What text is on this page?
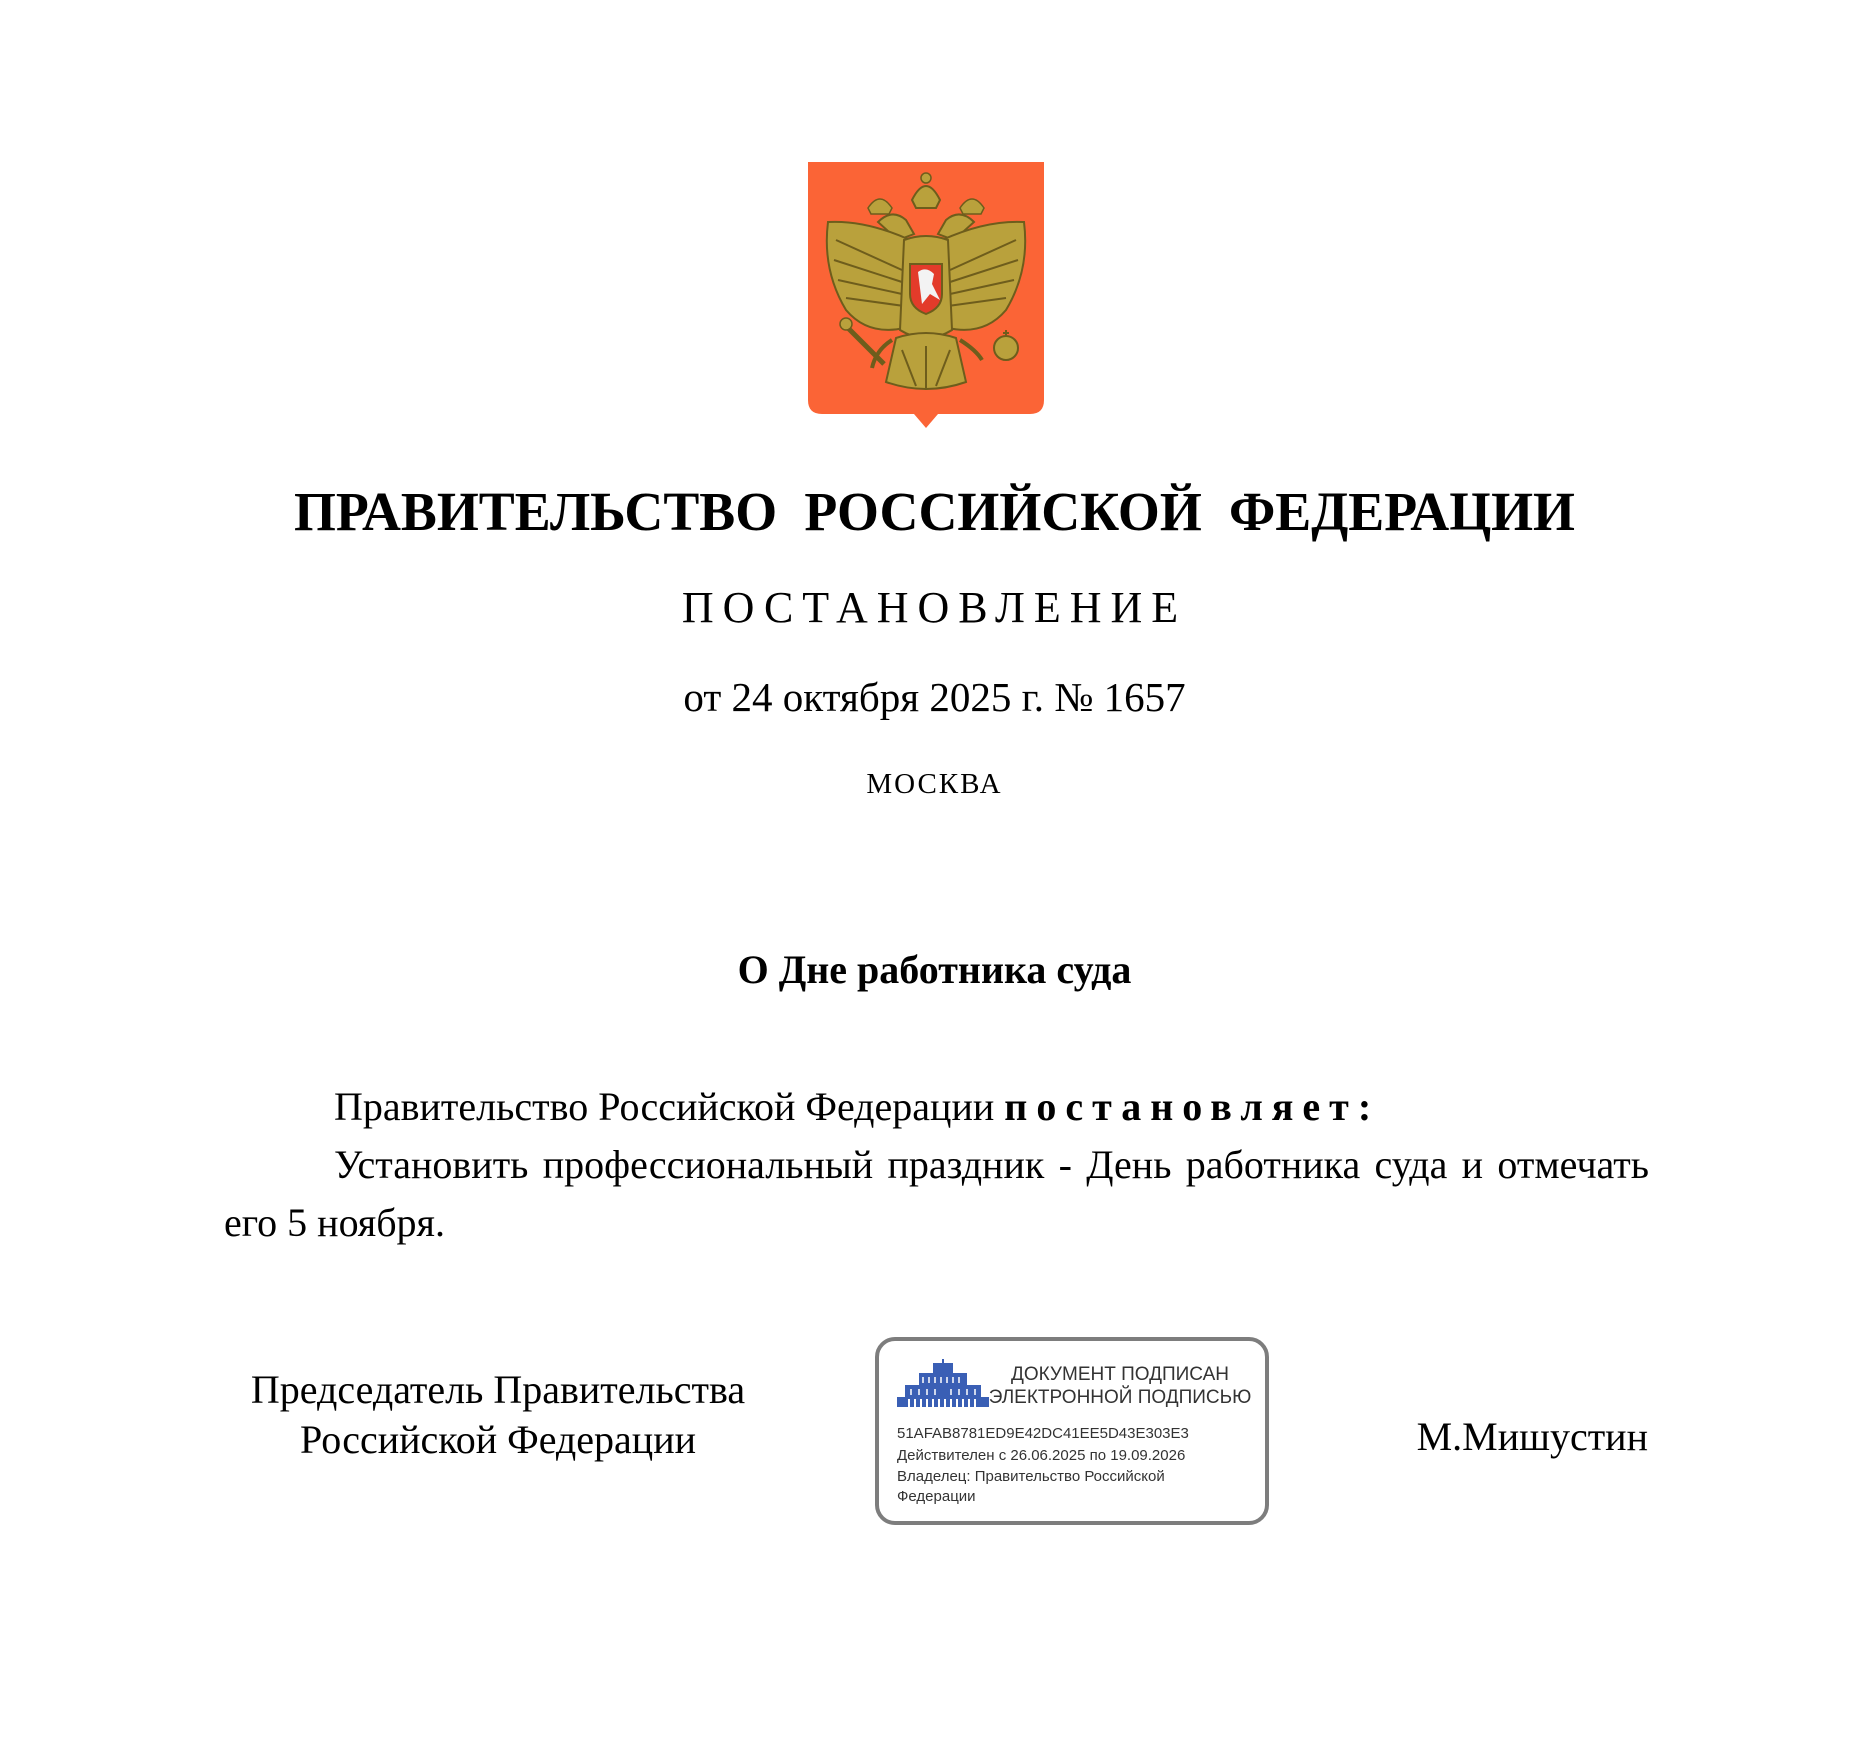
ПРАВИТЕЛЬСТВО РОССИЙСКОЙ ФЕДЕРАЦИИ
ПОСТАНОВЛЕНИЕ
от 24 октября 2025 г. № 1657
МОСКВА
О Дне работника суда

Правительство Российской Федерации постановляет:

Установить профессиональный праздник - День работника суда и отмечать его 5 ноября.

Председатель Правительства
Российской Федерации
ДОКУМЕНТ ПОДПИСАН
ЭЛЕКТРОННОЙ ПОДПИСЬЮ
51AFAB8781ED9E42DC41EE5D43E303E3
Действителен с 26.06.2025 по 19.09.2026
Владелец: Правительство Российской Федерации
М.Мишустин
